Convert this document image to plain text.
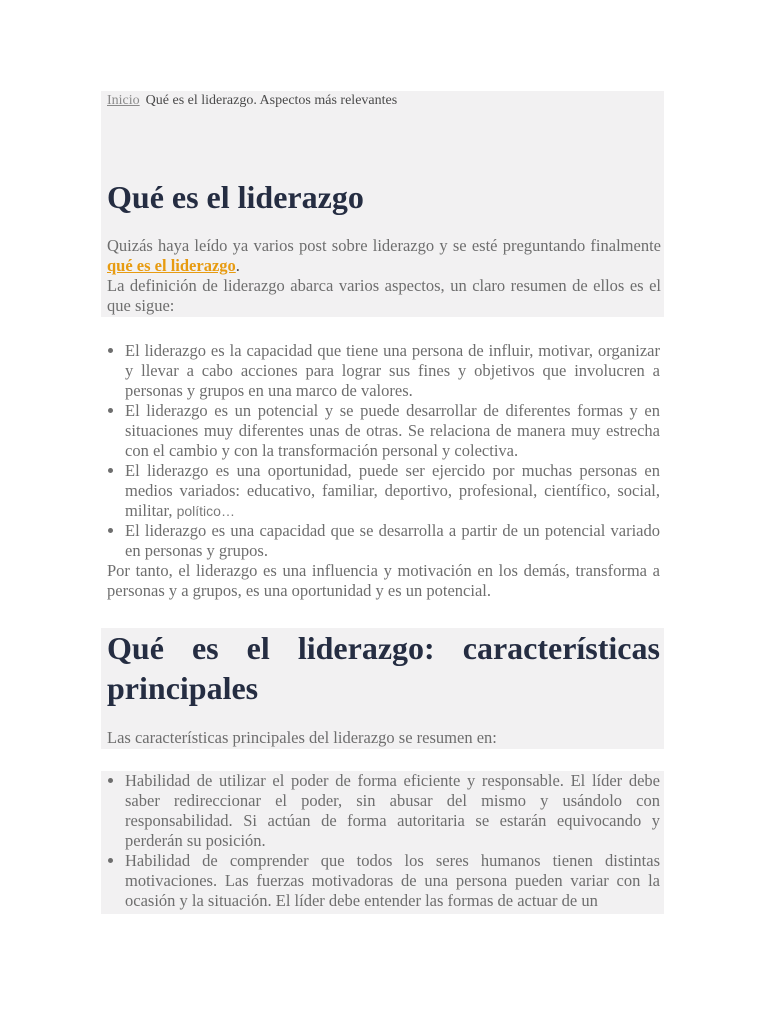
Inicio Qué es el liderazgo. Aspectos más relevantes

Qué es el liderazgo

Quizás haya leído ya varios post sobre liderazgo y se esté preguntando finalmente qué es el liderazgo.
La definición de liderazgo abarca varios aspectos, un claro resumen de ellos es el que sigue:

• El liderazgo es la capacidad que tiene una persona de influir, motivar, organizar y llevar a cabo acciones para lograr sus fines y objetivos que involucren a personas y grupos en una marco de valores.
• El liderazgo es un potencial y se puede desarrollar de diferentes formas y en situaciones muy diferentes unas de otras. Se relaciona de manera muy estrecha con el cambio y con la transformación personal y colectiva.
• El liderazgo es una oportunidad, puede ser ejercido por muchas personas en medios variados: educativo, familiar, deportivo, profesional, científico, social, militar, político…
• El liderazgo es una capacidad que se desarrolla a partir de un potencial variado en personas y grupos.

Por tanto, el liderazgo es una influencia y motivación en los demás, transforma a personas y a grupos, es una oportunidad y es un potencial.

Qué es el liderazgo: características
principales

Las características principales del liderazgo se resumen en:

• Habilidad de utilizar el poder de forma eficiente y responsable. El líder debe saber redireccionar el poder, sin abusar del mismo y usándolo con responsabilidad. Si actúan de forma autoritaria se estarán equivocando y perderán su posición.
• Habilidad de comprender que todos los seres humanos tienen distintas motivaciones. Las fuerzas motivadoras de una persona pueden variar con la ocasión y la situación. El líder debe entender las formas de actuar de un
